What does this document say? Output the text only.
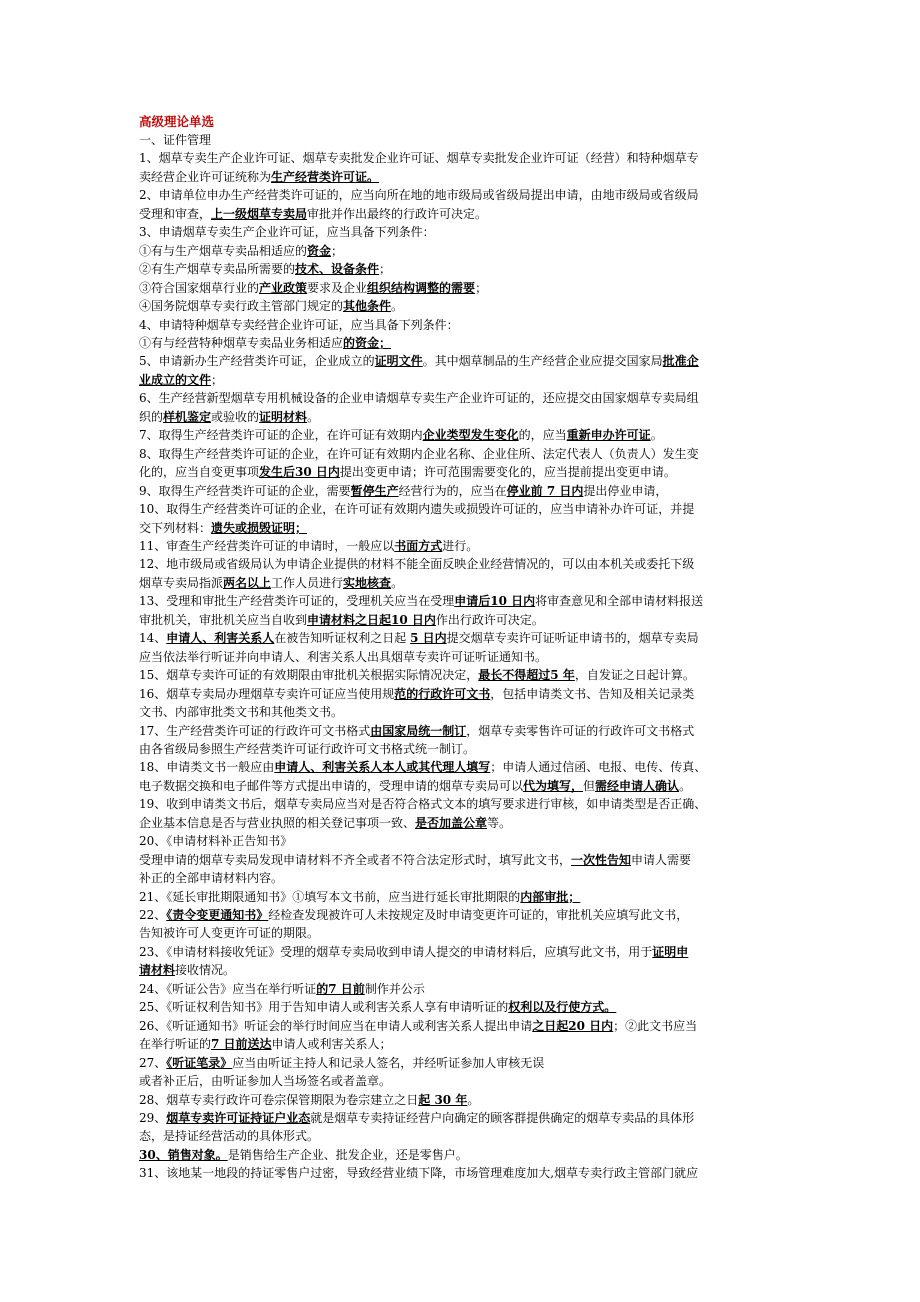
高级理论单选
一、证件管理
1、烟草专卖生产企业许可证、烟草专卖批发企业许可证、烟草专卖批发企业许可证（经营）和特种烟草专
卖经营企业许可证统称为生产经营类许可证。
2、申请单位申办生产经营类许可证的，应当向所在地的地市级局或省级局提出申请，由地市级局或省级局
受理和审查，上一级烟草专卖局审批并作出最终的行政许可决定。
3、申请烟草专卖生产企业许可证，应当具备下列条件：
①有与生产烟草专卖品相适应的资金；
②有生产烟草专卖品所需要的技术、设备条件；
③符合国家烟草行业的产业政策要求及企业组织结构调整的需要；
④国务院烟草专卖行政主管部门规定的其他条件。
4、申请特种烟草专卖经营企业许可证，应当具备下列条件：
①有与经营特种烟草专卖品业务相适应的资金；
5、申请新办生产经营类许可证，企业成立的证明文件。其中烟草制品的生产经营企业应提交国家局批准企
业成立的文件；
6、生产经营新型烟草专用机械设备的企业申请烟草专卖生产企业许可证的，还应提交由国家烟草专卖局组
织的样机鉴定或验收的证明材料。
7、取得生产经营类许可证的企业，在许可证有效期内企业类型发生变化的，应当重新申办许可证。
8、取得生产经营类许可证的企业，在许可证有效期内企业名称、企业住所、法定代表人（负责人）发生变
化的，应当自变更事项发生后30 日内提出变更申请；许可范围需要变化的，应当提前提出变更申请。
9、取得生产经营类许可证的企业，需要暂停生产经营行为的，应当在停业前 7 日内提出停业申请，
10、取得生产经营类许可证的企业，在许可证有效期内遗失或损毁许可证的，应当申请补办许可证，并提
交下列材料：遗失或损毁证明；
11、审查生产经营类许可证的申请时，一般应以书面方式进行。
12、地市级局或省级局认为申请企业提供的材料不能全面反映企业经营情况的，可以由本机关或委托下级
烟草专卖局指派两名以上工作人员进行实地核查。
13、受理和审批生产经营类许可证的，受理机关应当在受理申请后10 日内将审查意见和全部申请材料报送
审批机关，审批机关应当自收到申请材料之日起10 日内作出行政许可决定。
14、申请人、利害关系人在被告知听证权利之日起 5 日内提交烟草专卖许可证听证申请书的，烟草专卖局
应当依法举行听证并向申请人、利害关系人出具烟草专卖许可证听证通知书。
15、烟草专卖许可证的有效期限由审批机关根据实际情况决定，最长不得超过5 年，自发证之日起计算。
16、烟草专卖局办理烟草专卖许可证应当使用规范的行政许可文书，包括申请类文书、告知及相关记录类
文书、内部审批类文书和其他类文书。
17、生产经营类许可证的行政许可文书格式由国家局统一制订，烟草专卖零售许可证的行政许可文书格式
由各省级局参照生产经营类许可证行政许可文书格式统一制订。
18、申请类文书一般应由申请人、利害关系人本人或其代理人填写；申请人通过信函、电报、电传、传真、
电子数据交换和电子邮件等方式提出申请的，受理申请的烟草专卖局可以代为填写，但需经申请人确认。
19、收到申请类文书后，烟草专卖局应当对是否符合格式文本的填写要求进行审核，如申请类型是否正确、
企业基本信息是否与营业执照的相关登记事项一致、是否加盖公章等。
20、《申请材料补正告知书》
受理申请的烟草专卖局发现申请材料不齐全或者不符合法定形式时，填写此文书，一次性告知申请人需要
补正的全部申请材料内容。
21、《延长审批期限通知书》①填写本文书前，应当进行延长审批期限的内部审批；
22、《责令变更通知书》经检查发现被许可人未按规定及时申请变更许可证的，审批机关应填写此文书，
告知被许可人变更许可证的期限。
23、《申请材料接收凭证》受理的烟草专卖局收到申请人提交的申请材料后，应填写此文书，用于证明申
请材料接收情况。
24、《听证公告》应当在举行听证的7 日前制作并公示
25、《听证权利告知书》用于告知申请人或利害关系人享有申请听证的权利以及行使方式。
26、《听证通知书》听证会的举行时间应当在申请人或利害关系人提出申请之日起20 日内；②此文书应当
在举行听证的7 日前送达申请人或利害关系人；
27、《听证笔录》应当由听证主持人和记录人签名，并经听证参加人审核无误
或者补正后，由听证参加人当场签名或者盖章。
28、烟草专卖行政许可卷宗保管期限为卷宗建立之日起 30 年。
29、烟草专卖许可证持证户业态就是烟草专卖持证经营户向确定的顾客群提供确定的烟草专卖品的具体形
态，是持证经营活动的具体形式。
30、销售对象。是销售给生产企业、批发企业，还是零售户。
31、该地某一地段的持证零售户过密，导致经营业绩下降，市场管理难度加大,烟草专卖行政主管部门就应
